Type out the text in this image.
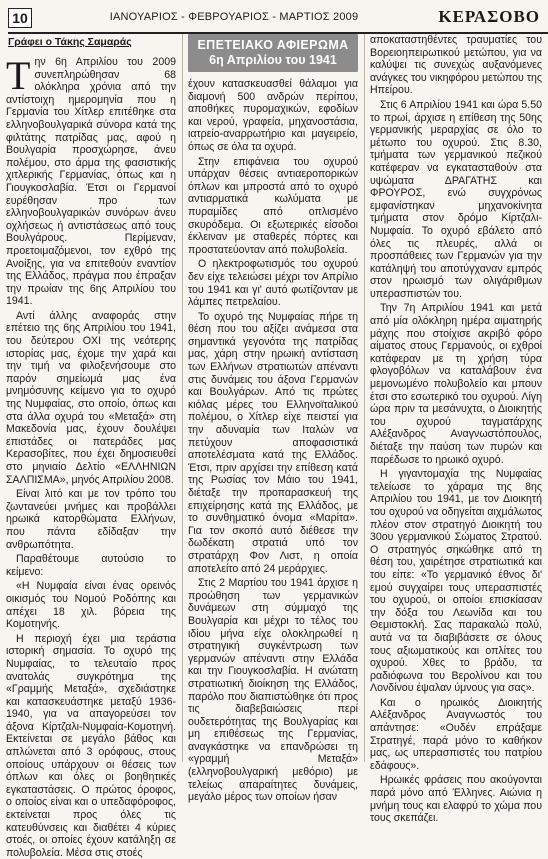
10	ΙΑΝΟΥΑΡΙΟΣ - ΦΕΒΡΟΥΑΡΙΟΣ - ΜΑΡΤΙΟΣ 2009	ΚΕΡΑΣΟΒΟ
Γράφει ο Τάκης Σαμαράς

Την 6η Απριλίου του 2009 συνεπληρώθησαν 68 ολόκληρα χρόνια από την αντίστοιχη ημερομηνία που η Γερμανία του Χίτλερ επιτέθηκε στα ελληνοβουλγαρικά σύνορα κατά της φιλτάτης πατρίδας μας, αφού η Βουλγαρία προσχώρησε, άνευ πολέμου, στο άρμα της φασιστικής χιτλερικής Γερμανίας, όπως και η Γιουγκοσλαβία. Έτσι οι Γερμανοί ευρέθησαν προ των ελληνοβουλγαρικών συνόρων άνευ οχλήσεως ή αντιστάσεως από τους Βουλγάρους. Περίμεναν, προετοιμαζόμενοι, τον εχθρό της Ανοίξης, για να επιτεθούν εναντίον της Ελλάδος, πράγμα που έπραξαν την πρωίαν της 6ης Απριλίου του 1941.

Αντί άλλης αναφοράς στην επέτειο της 6ης Απριλίου του 1941, του δεύτερου ΟΧΙ της νεότερης ιστορίας μας, έχομε την χαρά και την τιμή να φιλοξενήσουμε στο παρόν σημείωμά μας ένα μνημόσυνης κείμενο για το οχυρό της Νυμφαίας, στο οποίο, όπως και στα άλλα οχυρά του «Μεταξά» στη Μακεδονία μας, έχουν δουλέψει επιστάδες οι πατεράδες μας Κερασοβίτες, που έχει δημοσιευθεί στο μηνιαίο Δελτίο «ΕΛΛΗΝΙΩΝ ΣΑΛΠΙΣΜΑ», μηνός Απριλίου 2008.

Είναι λιτό και με τον τρόπο του ζωντανεύει μνήμες και προβάλλει ηρωικά κατορθώματα Ελλήνων, που πάντα εδίδαξαν την ανθρωπότητα.

Παραθέτουμε αυτούσιο το κείμενο:

«Η Νυμφαία είναι ένας ορεινός οικισμός του Νομού Ροδόπης και απέχει 18 χιλ. βόρεια της Κομοτηνής.

Η περιοχή έχει μια τεράστια ιστορική σημασία. Το οχυρό της Νυμφαίας, το τελευταίο προς ανατολάς συγκρότημα της «Γραμμής Μεταξά», σχεδιάστηκε και κατασκευάστηκε μεταξύ 1936-1940, για να απαγορεύσει τον άξονα Κίρτζαλι-Νυμφαία-Κομοτηνή. Εκτείνεται σε μεγάλο βάθος και απλώνεται από 3 ορόφους, στους οποίους υπάρχουν οι θέσεις των όπλων και όλες οι βοηθητικές εγκαταστάσεις. Ο πρώτος όροφος, ο οποίος είναι και ο υπεδαφόροφος, εκτείνεται προς όλες τις κατευθύνσεις και διαθέτει 4 κύριες στοές, οι οποίες έχουν κατάληξη σε πολυβολεία. Μέσα στις στοές

ΕΠΕΤΕΙΑΚΟ ΑΦΙΕΡΩΜΑ
6η Απριλίου του 1941

έχουν κατασκευασθεί θάλαμοι για διαμονή 500 ανδρών περίπου, αποθήκες πυρομαχικών, εφοδίων και νερού, γραφεία, μηχανοστάσια, ιατρείο-αναρρωτήριο και μαγειρείο, όπως σε όλα τα οχυρά.

Στην επιφάνεια του οχυρού υπάρχαν θέσεις αντιαεροπορικών όπλων και μπροστά από το οχυρό αντιαρματικά κωλύματα με πυραμίδες από οπλισμένο σκυρόδεμα. Οι εξωτερικές είσοδοι έκλειναν με σταθερές πόρτες και προστατεύονταν από πολυβολεία.

Ο ηλεκτροφωτισμός του οχυρού δεν είχε τελειώσει μέχρι τον Απρίλιο του 1941 και γι' αυτό φωτίζονταν με λάμπες πετρελαίου.

Το οχυρό της Νυμφαίας πήρε τη θέση που του αξίζει ανάμεσα στα σημαντικά γεγονότα της πατρίδας μας, χάρη στην ηρωική αντίσταση των Ελλήνων στρατιωτών απέναντι στις δυνάμεις του άξονα Γερμανών και Βουλγάρων. Από τις πρώτες κιόλας μέρες του Ελληνοϊταλικού πολέμου, ο Χίτλερ είχε πειστεί για την αδυναμία των Ιταλών να πετύχουν αποφασιστικά αποτελέσματα κατά της Ελλάδος. Έτσι, πριν αρχίσει την επίθεση κατά της Ρωσίας τον Μάιο του 1941, διέταξε την προπαρασκευή της επιχείρησης κατά της Ελλάδος, με το συνθηματικό όνομα «Μαρίτα». Για τον σκοπό αυτό διέθεσε την δωδέκατη στρατιά υπό τον στρατάρχη Φον Λιστ, η οποία αποτελείτο από 24 μεράρχιες.

Στις 2 Μαρτίου του 1941 άρχισε η προώθηση των γερμανικών δυνάμεων στη σύμμαχό της Βουλγαρία και μέχρι το τέλος του ιδίου μήνα είχε ολοκληρωθεί η στρατηγική συγκέντρωση των γερμανών απέναντι στην Ελλάδα και την Γιουγκοσλαβία. Η ανώτατη στρατιωτική διοίκηση της Ελλάδος, παρόλο που διαπιστώθηκε ότι προς τις διαβεβαιώσεις περί ουδετερότητας της Βουλγαρίας και μη επιθέσεως της Γερμανίας, αναγκάστηκε να επανδρώσει τη «γραμμή Μεταξά» (ελληνοβουλγαρική μεθόριο) με τελείως απαραίτητες δυνάμεις, μεγάλο μέρος των οποίων ήσαν

αποκαταστηθέντες τραυματίες του Βορειοηπειρωτικού μετώπου, για να καλύψει τις συνεχώς αυξανόμενες ανάγκες του νικηφόρου μετώπου της Ηπείρου.

Στις 6 Απριλίου 1941 και ώρα 5.50 το πρωί, άρχισε η επίθεση της 50ης γερμανικής μεραρχίας σε όλο το μέτωπο του οχυρού. Στις 8.30, τμήματα των γερμανικού πεζικού κατέφεραν να εγκατασταθούν στα υψώματα ΔΡΑΓΑΤΗΣ και ΦΡΟΥΡΟΣ, ενώ συγχρόνως εμφανίστηκαν μηχανοκίνητα τμήματα στον δρόμο Κίρτζαλι-Νυμφαία. Το οχυρό εβάλετο από όλες τις πλευρές, αλλά οι προσπάθειες των Γερμανών για την κατάληψή του αποτύγχαναν εμπρός στον ηρωισμό των ολιγάριθμων υπερασπιστών του.

Την 7η Απριλίου 1941 και μετά από μία ολόκληρη ημέρα αιματηρής μάχης που στοίχισε ακριβό φόρο αίματος στους Γερμανούς, οι εχθροί κατάφεραν με τη χρήση τύρα φλογοβόλων να καταλάβουν ένα μεμονωμένο πολυβολείο και μπουν έτσι στο εσωτερικό του οχυρού. Λίγη ώρα πριν τα μεσάνυχτα, ο Διοικητής του οχυρού ταγματάρχης Αλέξανδρος Αναγνωστόπουλος, διέταξε την παύση των πυρών και παρέδωσε το ηρωικό οχυρό.

Η γιγαντομαχία της Νυμφαίας τελείωσε το χάραμα της 8ης Απριλίου του 1941, με τον Διοικητή του οχυρού να οδηγείται αιχμάλωτος πλέον στον στρατηγό Διοικητή του 30ου γερμανικού Σώματος Στρατού. Ο στρατηγός σηκώθηκε από τη θέση του, χαιρέτησε στρατιωτικά και του είπε: «Το γερμανικό έθνος δι' εμού συγχαίρει τους υπερασπιστές του οχυρού, οι οποίοι επισκίασαν την δόξα του Λεωνίδα και του Θεμιστοκλή. Σας παρακαλώ πολύ, αυτά να τα διαβιβάσετε σε όλους τους αξιωματικούς και οπλίτες του οχυρού. Χθες το βράδυ, τα ραδιόφωνα του Βερολίνου και του Λονδίνου έψαλαν ύμνους για σας».

Και ο ηρωικός Διοικητής Αλέξανδρος Αναγνωστός του απάντησε: «Ουδέν επράξαμε Στρατηγέ, παρά μόνο το καθήκον μας, ως υπερασπιστές του πατρίου εδάφους».

Ηρωικές φράσεις που ακούγονται παρά μόνο από Έλληνες. Αιώνια η μνήμη τους και ελαφρύ το χώμα που τους σκεπάζει.
